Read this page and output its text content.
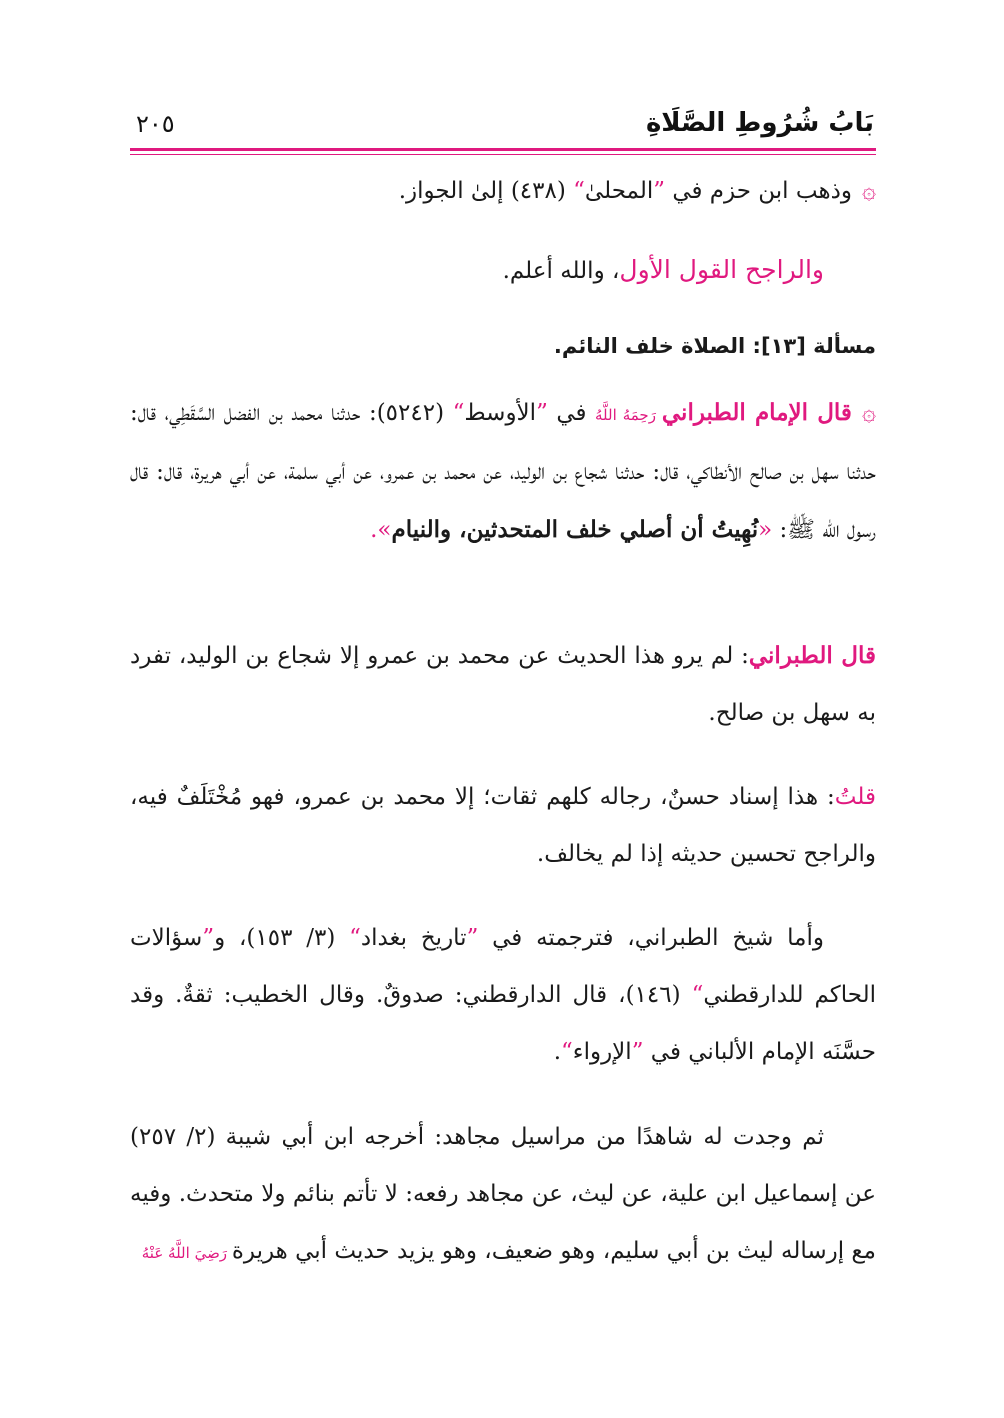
بَابُ شُرُوطِ الصَّلَاةِ
٢٠٥
۞وذهب ابن حزم في ”المحلىٰ“ (٤٣٨) إلىٰ الجواز.
والراجح القول الأول، والله أعلم.
مسألة [١٣]: الصلاة خلف النائم.
۞قال الإمام الطبراني رَحِمَهُ اللَّهُ في ”الأوسط“ (٥٢٤٢): حدثنا محمد بن الفضل السَّقَطِي، قال: حدثنا سهل بن صالح الأنطاكي، قال: حدثنا شجاع بن الوليد، عن محمد بن عمرو، عن أبي سلمة، عن أبي هريرة، قال: قال رسول الله ﷺ: «نُهِيتُ أن أصلي خلف المتحدثين، والنيام».
قال الطبراني: لم يرو هذا الحديث عن محمد بن عمرو إلا شجاع بن الوليد، تفرد به سهل بن صالح.
قلتُ: هذا إسناد حسنٌ، رجاله كلهم ثقات؛ إلا محمد بن عمرو، فهو مُخْتَلَفٌ فيه، والراجح تحسين حديثه إذا لم يخالف.
وأما شيخ الطبراني، فترجمته في ”تاريخ بغداد“ (٣/ ١٥٣)، و”سؤالات الحاكم للدارقطني“ (١٤٦)، قال الدارقطني: صدوقٌ. وقال الخطيب: ثقةٌ. وقد حسَّنَه الإمام الألباني في ”الإرواء“.
ثم وجدت له شاهدًا من مراسيل مجاهد: أخرجه ابن أبي شيبة (٢/ ٢٥٧) عن إسماعيل ابن علية، عن ليث، عن مجاهد رفعه: لا تأتم بنائم ولا متحدث. وفيه مع إرساله ليث بن أبي سليم، وهو ضعيف، وهو يزيد حديث أبي هريرة رَضِيَ اللَّهُ عَنْهُ
